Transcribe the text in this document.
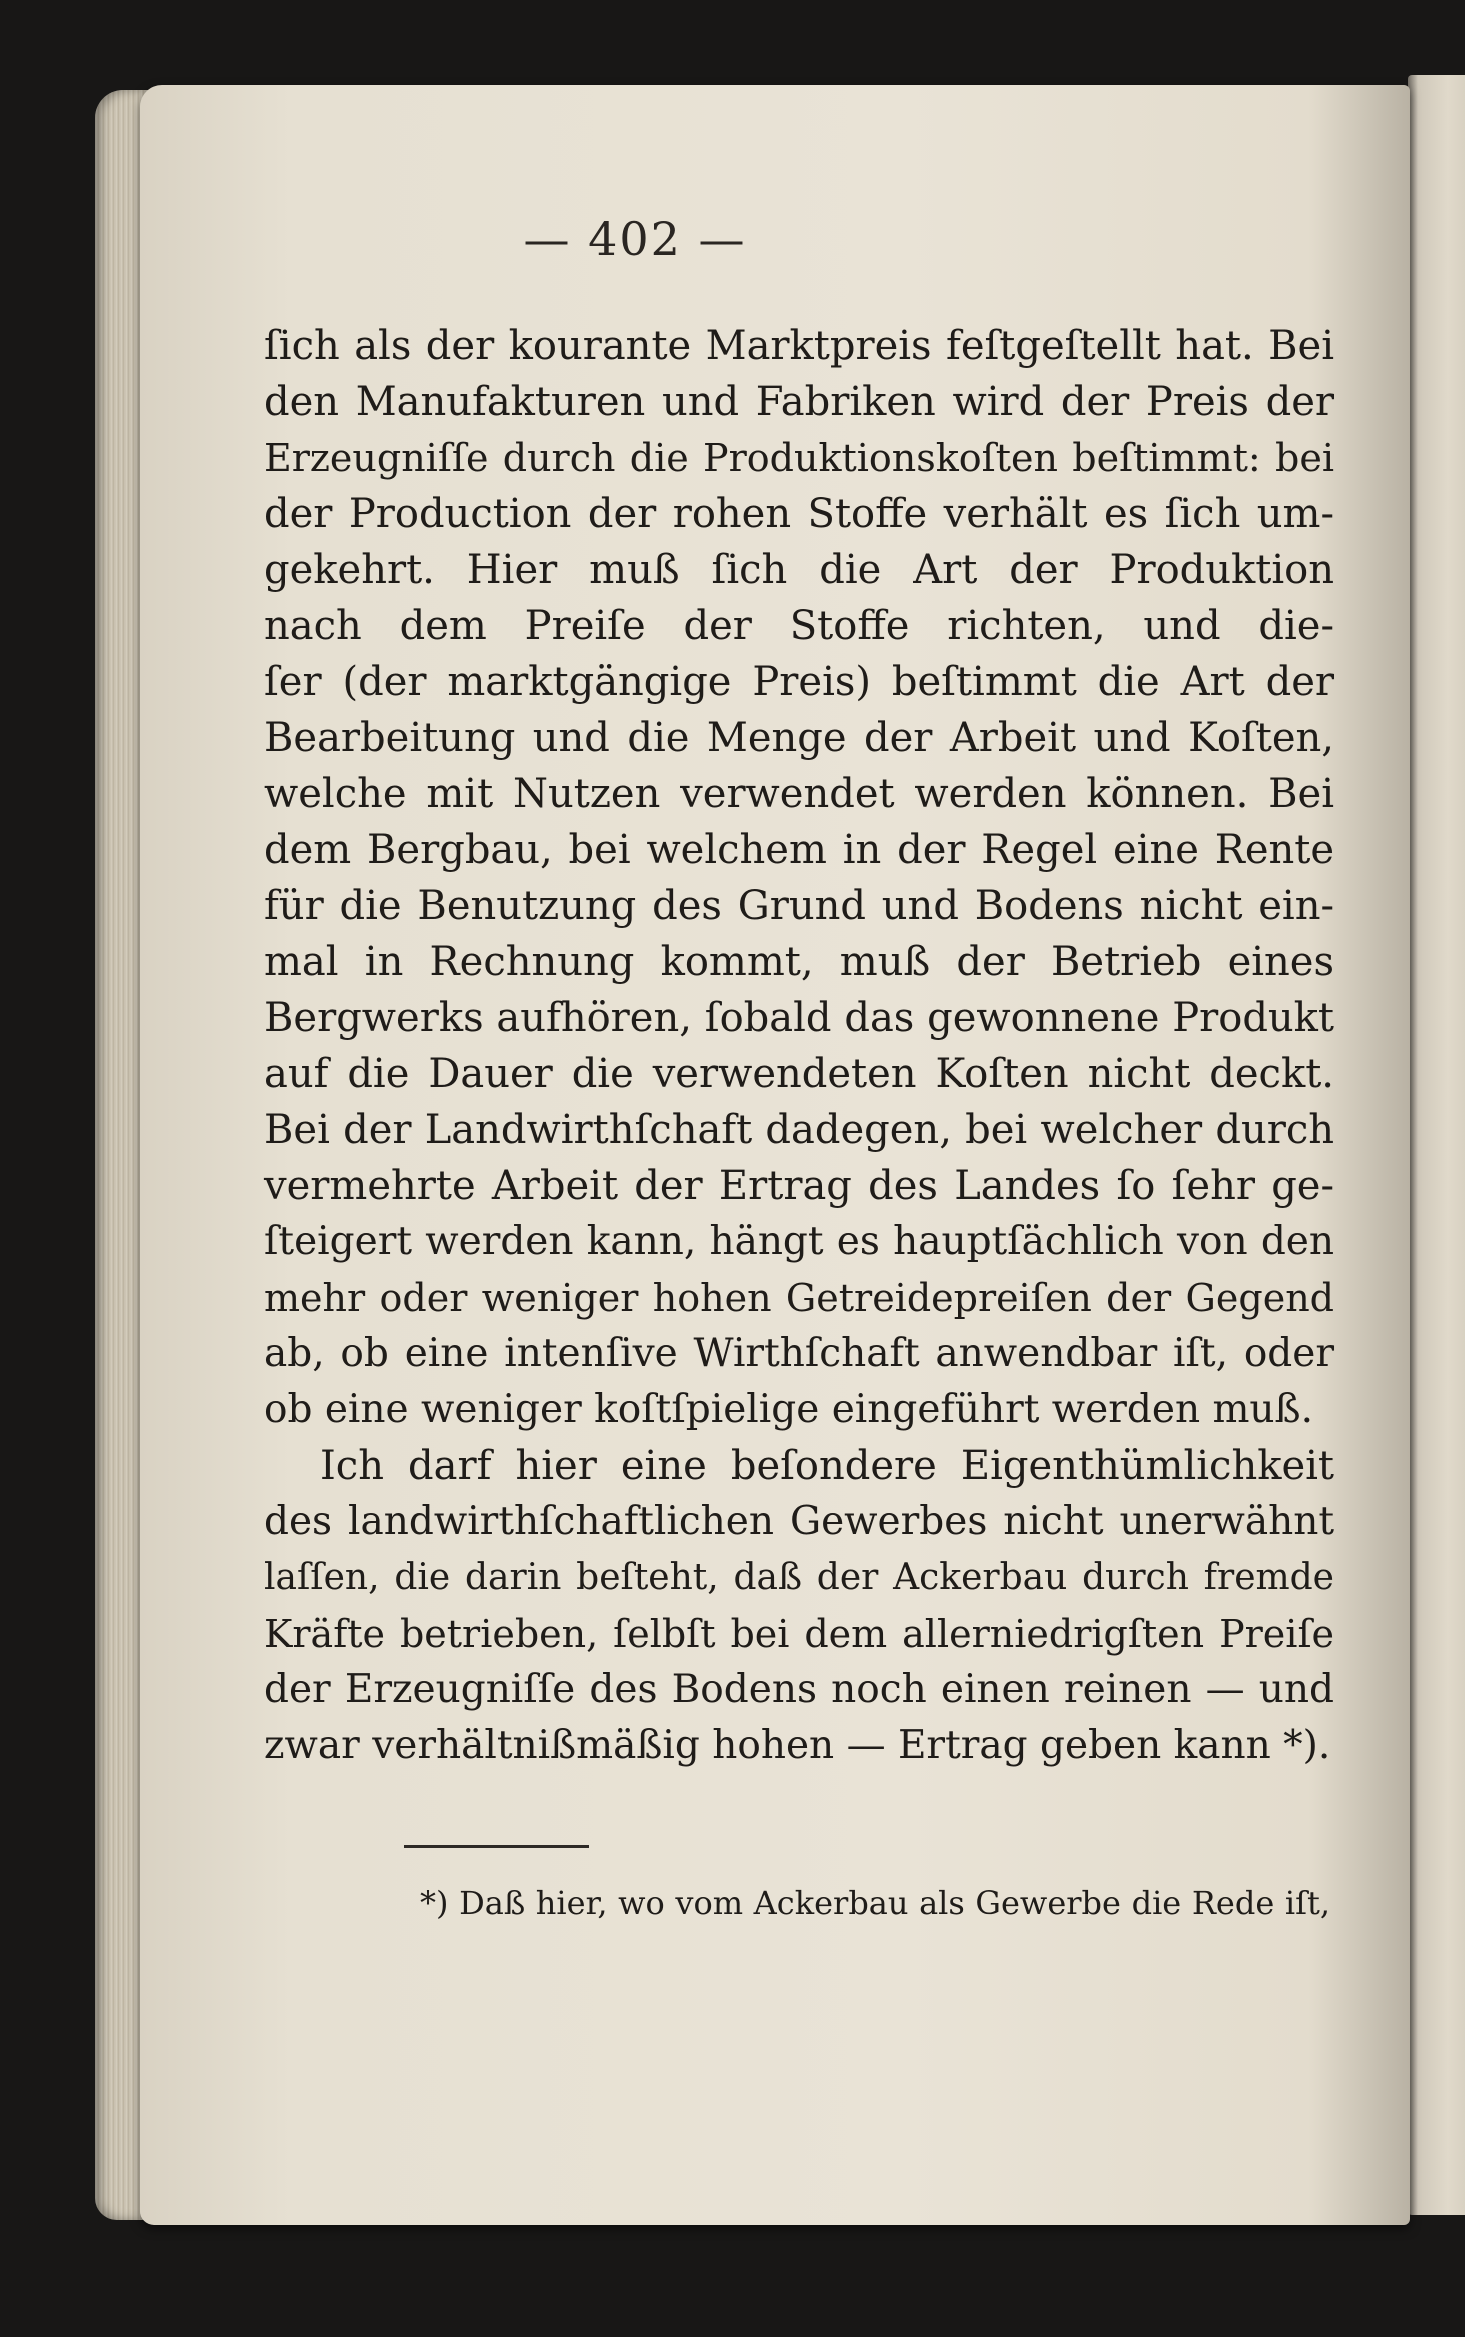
— 402 —
ſich als der kourante Marktpreis feſtgeſtellt hat. Bei
den Manufakturen und Fabriken wird der Preis der
Erzeugniſſe durch die Produktionskoſten beſtimmt: bei
der Production der rohen Stoffe verhält es ſich um-
gekehrt. Hier muß ſich die Art der Produktion
nach dem Preiſe der Stoffe richten, und die-
ſer (der marktgängige Preis) beſtimmt die Art der
Bearbeitung und die Menge der Arbeit und Koſten,
welche mit Nutzen verwendet werden können. Bei
dem Bergbau, bei welchem in der Regel eine Rente
für die Benutzung des Grund und Bodens nicht ein-
mal in Rechnung kommt, muß der Betrieb eines
Bergwerks aufhören, ſobald das gewonnene Produkt
auf die Dauer die verwendeten Koſten nicht deckt.
Bei der Landwirthſchaft dadegen, bei welcher durch
vermehrte Arbeit der Ertrag des Landes ſo ſehr ge-
ſteigert werden kann, hängt es hauptſächlich von den
mehr oder weniger hohen Getreidepreiſen der Gegend
ab, ob eine intenſive Wirthſchaft anwendbar iſt, oder
ob eine weniger koſtſpielige eingeführt werden muß.
Ich darf hier eine beſondere Eigenthümlichkeit
des landwirthſchaftlichen Gewerbes nicht unerwähnt
laſſen, die darin beſteht, daß der Ackerbau durch fremde
Kräfte betrieben, ſelbſt bei dem allerniedrigſten Preiſe
der Erzeugniſſe des Bodens noch einen reinen — und
zwar verhältnißmäßig hohen — Ertrag geben kann *).
*) Daß hier, wo vom Ackerbau als Gewerbe die Rede iſt,
